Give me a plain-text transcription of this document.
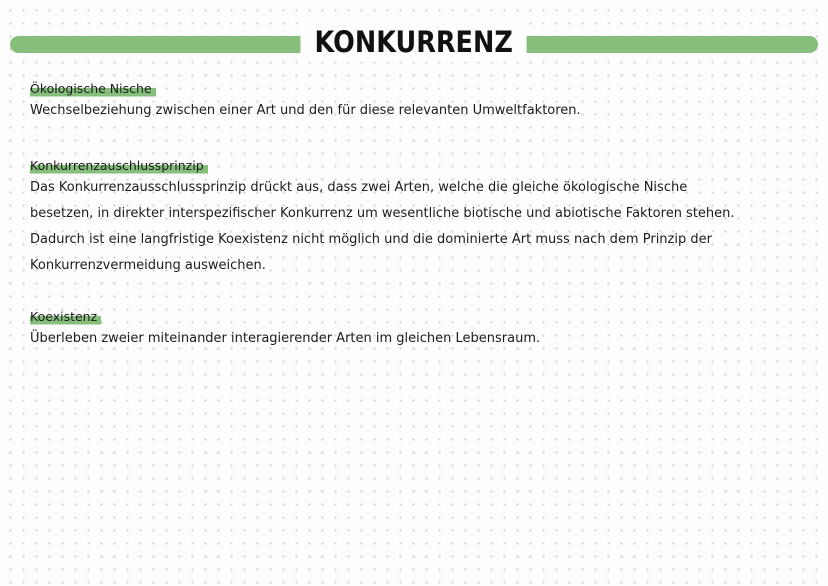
KONKURRENZ
Ökologische Nische

Wechselbeziehung zwischen einer Art und den für diese relevanten Umweltfaktoren.

Konkurrenzauschlussprinzip

Das Konkurrenzausschlussprinzip drückt aus, dass zwei Arten, welche die gleiche ökologische Nische
besetzen, in direkter interspezifischer Konkurrenz um wesentliche biotische und abiotische Faktoren stehen.
Dadurch ist eine langfristige Koexistenz nicht möglich und die dominierte Art muss nach dem Prinzip der
Konkurrenzvermeidung ausweichen.

Koexistenz

Überleben zweier miteinander interagierender Arten im gleichen Lebensraum.
